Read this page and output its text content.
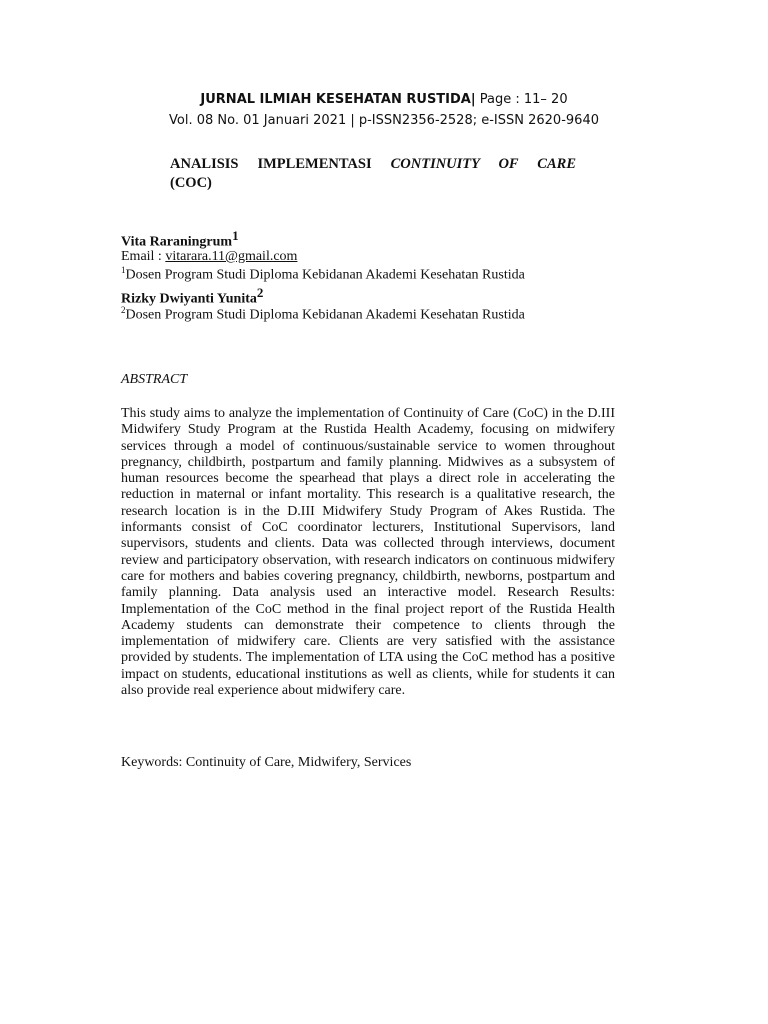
JURNAL ILMIAH KESEHATAN RUSTIDA| Page : 11– 20
Vol. 08 No. 01 Januari 2021 | p-ISSN2356-2528; e-ISSN 2620-9640
ANALISIS IMPLEMENTASI CONTINUITY OF CARE
(COC)
Vita Raraningrum$^1$
Email : vitarara.11@gmail.com
$^1$Dosen Program Studi Diploma Kebidanan Akademi Kesehatan Rustida
Rizky Dwiyanti Yunita$^2$
$^2$Dosen Program Studi Diploma Kebidanan Akademi Kesehatan Rustida
ABSTRACT

This study aims to analyze the implementation of Continuity of Care (CoC) in the D.III Midwifery Study Program at the Rustida Health Academy, focusing on midwifery services through a model of continuous/sustainable service to women throughout pregnancy, childbirth, postpartum and family planning. Midwives as a subsystem of human resources become the spearhead that plays a direct role in accelerating the reduction in maternal or infant mortality. This research is a qualitative research, the research location is in the D.III Midwifery Study Program of Akes Rustida. The informants consist of CoC coordinator lecturers, Institutional Supervisors, land supervisors, students and clients. Data was collected through interviews, document review and participatory observation, with research indicators on continuous midwifery care for mothers and babies covering pregnancy, childbirth, newborns, postpartum and family planning. Data analysis used an interactive model. Research Results: Implementation of the CoC method in the final project report of the Rustida Health Academy students can demonstrate their competence to clients through the implementation of midwifery care. Clients are very satisfied with the assistance provided by students. The implementation of LTA using the CoC method has a positive impact on students, educational institutions as well as clients, while for students it can also provide real experience about midwifery care.

Keywords: Continuity of Care, Midwifery, Services
